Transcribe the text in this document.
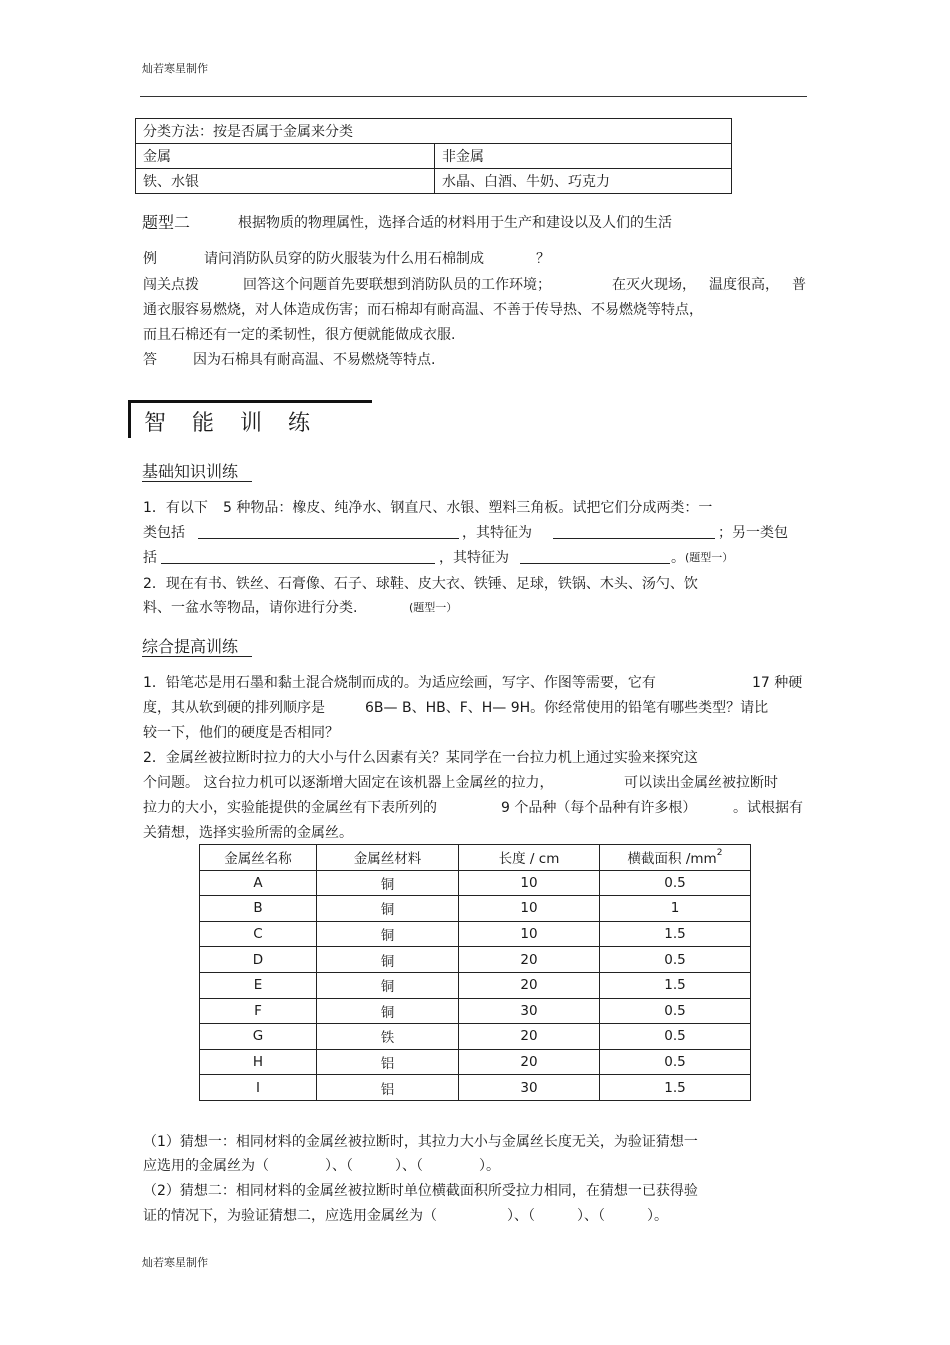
灿若寒星制作
分类方法：按是否属于金属来分类	
金属	非金属
铁、水银	水晶、白酒、牛奶、巧克力
题型二	根据物质的物理属性，选择合适的材料用于生产和建设以及人们的生活
例	请问消防队员穿的防火服装为什么用石棉制成	？
闯关点拨	回答这个问题首先要联想到消防队员的工作环境；	在灭火现场， 温度很高， 普
通衣服容易燃烧，对人体造成伤害；而石棉却有耐高温、不善于传导热、不易燃烧等特点，
而且石棉还有一定的柔韧性，很方便就能做成衣服.
答	因为石棉具有耐高温、不易燃烧等特点.
智能训练
基础知识训练
1．有以下 5 种物品：橡皮、纯净水、钢直尺、水银、塑料三角板。试把它们分成两类：一
类包括	，其特征为	；另一类包
括	，其特征为	。 (题型一）
2．现在有书、铁丝、石膏像、石子、球鞋、皮大衣、铁锤、足球，铁锅、木头、汤勺、饮
料、一盆水等物品，请你进行分类.	(题型一）
综合提高训练
1．铅笔芯是用石墨和黏土混合烧制而成的。为适应绘画，写字、作图等需要，它有	17 种硬
度，其从软到硬的排列顺序是	6B— B、HB、F、H— 9H。你经常使用的铅笔有哪些类型？请比
较一下，他们的硬度是否相同？
2．金属丝被拉断时拉力的大小与什么因素有关？某同学在一台拉力机上通过实验来探究这
个问题。 这台拉力机可以逐渐增大固定在该机器上金属丝的拉力，	可以读出金属丝被拉断时
拉力的大小，实验能提供的金属丝有下表所列的	9 个品种（每个品种有许多根）	。试根据有
关猜想，选择实验所需的金属丝。
金属丝名称	金属丝材料	长度 / cm	横截面积 $/mm^2$
A	铜	10	0.5
B	铜	10	1
C	铜	10	1.5
D	铜	20	0.5
E	铜	20	1.5
F	铜	30	0.5
G	铁	20	0.5
H	铝	20	0.5
I	铝	30	1.5
（1）猜想一：相同材料的金属丝被拉断时，其拉力大小与金属丝长度无关，为验证猜想一
应选用的金属丝为（　　　　）、（　　　）、（　　　　）。
（2）猜想二：相同材料的金属丝被拉断时单位横截面积所受拉力相同，在猜想一已获得验
证的情况下，为验证猜想二，应选用金属丝为（　　　　　）、（　　　）、（　　　）。
灿若寒星制作
